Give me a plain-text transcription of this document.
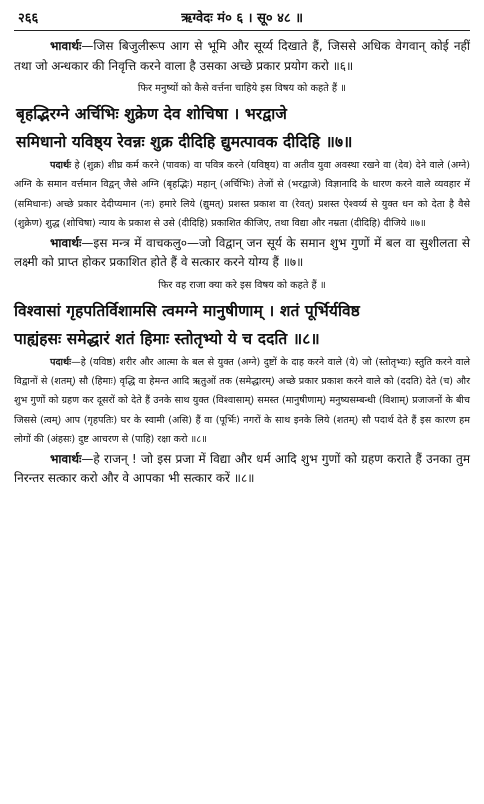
२६६	ऋग्वेदः मं० ६ । सू० ४८ ॥

भावार्थः—जिस बिजुलीरूप आग से भूमि और सूर्य्य दिखाते हैं, जिससे अधिक वेगवान् कोई नहीं तथा जो अन्धकार की निवृत्ति करने वाला है उसका अच्छे प्रकार प्रयोग करो ॥६॥

फिर मनुष्यों को कैसे वर्त्तना चाहिये इस विषय को कहते हैं ॥

बृहद्भिरग्ने अर्चिभिः शुक्रेण देव शोचिषा । भरद्वाजे
समिधानो यविष्ठ्य रेवन्नः शुक्र दीदिहि द्युमत्पावक दीदिहि ॥७॥

पदार्थः हे (शुक्र) शीघ्र कर्म करने (पावक) वा पवित्र करने (यविष्ठ्य) वा अतीव युवा अवस्था रखने वा (देव) देने वाले (अग्ने) अग्नि के समान वर्त्तमान विद्वन् जैसे अग्नि (बृहद्भिः) महान् (अर्चिभिः) तेजों से (भरद्वाजे) विज्ञानादि के धारण करने वाले व्यवहार में (समिधानः) अच्छे प्रकार देदीप्यमान (नः) हमारे लिये (द्युमत्) प्रशस्त प्रकाश वा (रेवत्) प्रशस्त ऐश्वर्य्य से युक्त धन को देता है वैसे (शुक्रेण) शुद्ध (शोचिषा) न्याय के प्रकाश से उसे (दीदिहि) प्रकाशित कीजिए, तथा विद्या और नम्रता (दीदिहि) दीजिये ॥७॥

भावार्थः—इस मन्त्र में वाचकलु०—जो विद्वान् जन सूर्य के समान शुभ गुणों में बल वा सुशीलता से लक्ष्मी को प्राप्त होकर प्रकाशित होते हैं वे सत्कार करने योग्य हैं ॥७॥

फिर वह राजा क्या करे इस विषय को कहते हैं ॥

विश्वासां गृहपतिर्विशामसि त्वमग्ने मानुषीणाम् । शतं पूर्भिर्यविष्ठ
पाह्यंहसः समेद्धारं शतं हिमाः स्तोतृभ्यो ये च ददति ॥८॥

पदार्थः—हे (यविष्ठ) शरीर और आत्मा के बल से युक्त (अग्ने) दुष्टों के दाह करने वाले (ये) जो (स्तोतृभ्यः) स्तुति करने वाले विद्वानों से (शतम्) सौ (हिमाः) वृद्धि वा हेमन्त आदि ऋतुओं तक (समेद्धारम्) अच्छे प्रकार प्रकाश करने वाले को (ददति) देते (च) और शुभ गुणों को ग्रहण कर दूसरों को देते हैं उनके साथ युक्त (विश्वासाम्) समस्त (मानुषीणाम्) मनुष्यसम्बन्धी (विशाम्) प्रजाजनों के बीच जिससे (त्वम्) आप (गृहपतिः) घर के स्वामी (असि) हैं वा (पूर्भिः) नगरों के साथ इनके लिये (शतम्) सौ पदार्थ देते हैं इस कारण हम लोगों की (अंहसः) दुष्ट आचरण से (पाहि) रक्षा करो ॥८॥

भावार्थः—हे राजन् ! जो इस प्रजा में विद्या और धर्म आदि शुभ गुणों को ग्रहण कराते हैं उनका तुम निरन्तर सत्कार करो और वे आपका भी सत्कार करें ॥८॥
